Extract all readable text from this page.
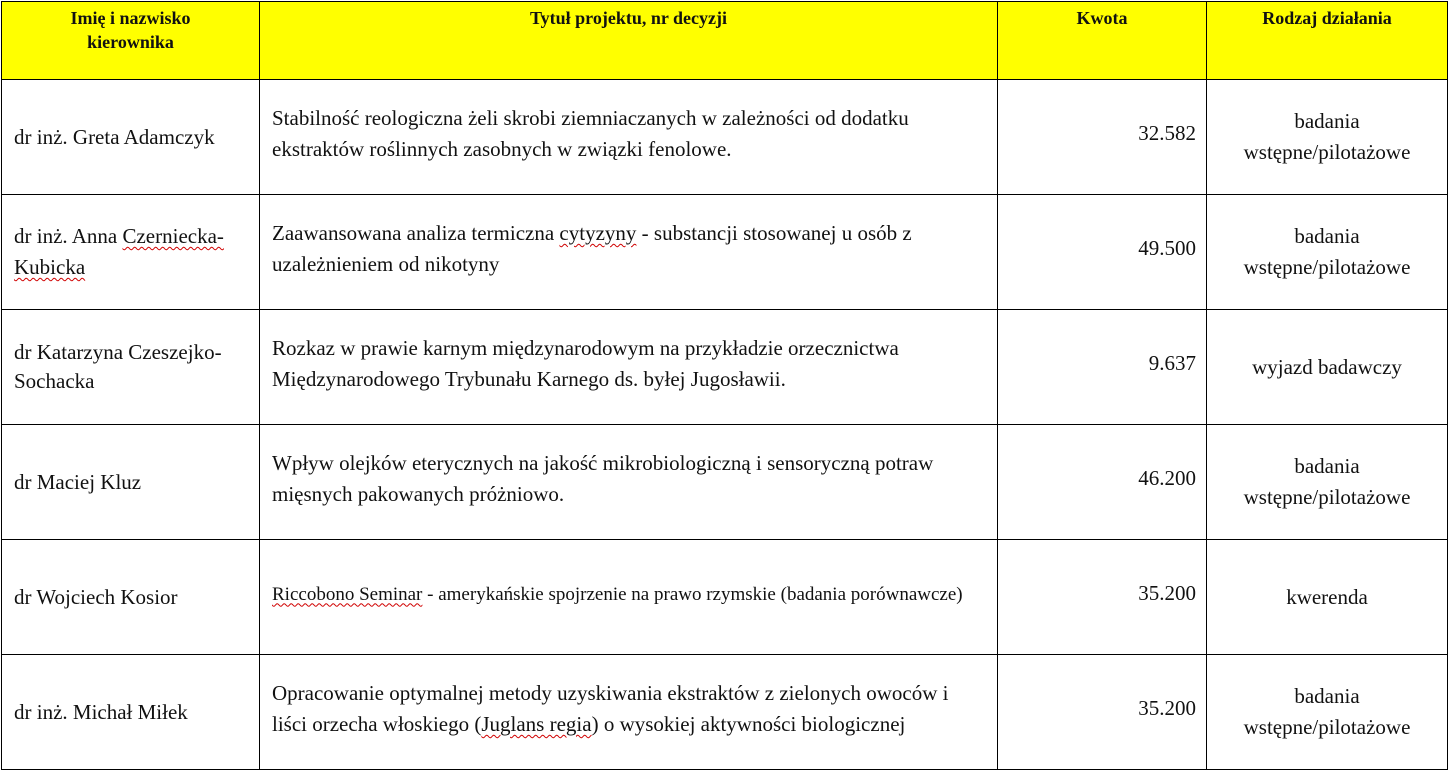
Imię i nazwisko kierownika	Tytuł projektu, nr decyzji	Kwota	Rodzaj działania
dr inż. Greta Adamczyk	Stabilność reologiczna żeli skrobi ziemniaczanych w zależności od dodatku ekstraktów roślinnych zasobnych w związki fenolowe.	32.582	badania wstępne/pilotażowe
dr inż. Anna Czerniecka-Kubicka	Zaawansowana analiza termiczna cytyzyny - substancji stosowanej u osób z uzależnieniem od nikotyny	49.500	badania wstępne/pilotażowe
dr Katarzyna Czeszejko-Sochacka	Rozkaz w prawie karnym międzynarodowym na przykładzie orzecznictwa Międzynarodowego Trybunału Karnego ds. byłej Jugosławii.	9.637	wyjazd badawczy
dr Maciej Kluz	Wpływ olejków eterycznych na jakość mikrobiologiczną i sensoryczną potraw mięsnych pakowanych próżniowo.	46.200	badania wstępne/pilotażowe
dr Wojciech Kosior	Riccobono Seminar - amerykańskie spojrzenie na prawo rzymskie (badania porównawcze)	35.200	kwerenda
dr inż. Michał Miłek	Opracowanie optymalnej metody uzyskiwania ekstraktów z zielonych owoców i liści orzecha włoskiego (Juglans regia) o wysokiej aktywności biologicznej	35.200	badania wstępne/pilotażowe
